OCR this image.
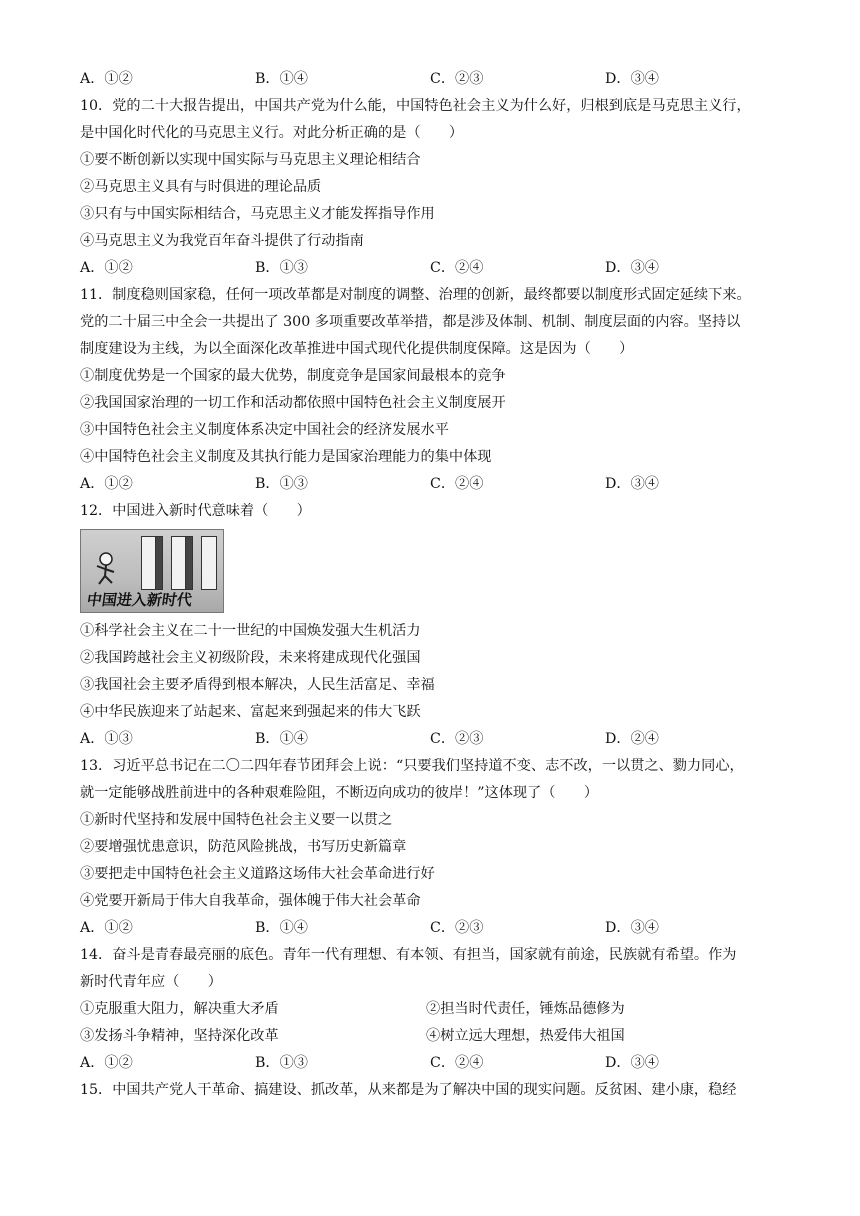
A．①②	B．①④	C．②③	D．③④
10．党的二十大报告提出，中国共产党为什么能，中国特色社会主义为什么好，归根到底是马克思主义行，
是中国化时代化的马克思主义行。对此分析正确的是（　　）
①要不断创新以实现中国实际与马克思主义理论相结合
②马克思主义具有与时俱进的理论品质
③只有与中国实际相结合，马克思主义才能发挥指导作用
④马克思主义为我党百年奋斗提供了行动指南
A．①②	B．①③	C．②④	D．③④
11．制度稳则国家稳，任何一项改革都是对制度的调整、治理的创新，最终都要以制度形式固定延续下来。
党的二十届三中全会一共提出了 300 多项重要改革举措，都是涉及体制、机制、制度层面的内容。坚持以
制度建设为主线，为以全面深化改革推进中国式现代化提供制度保障。这是因为（　　）
①制度优势是一个国家的最大优势，制度竞争是国家间最根本的竞争
②我国国家治理的一切工作和活动都依照中国特色社会主义制度展开
③中国特色社会主义制度体系决定中国社会的经济发展水平
④中国特色社会主义制度及其执行能力是国家治理能力的集中体现
A．①②	B．①③	C．②④	D．③④
12．中国进入新时代意味着（　　）
中国进入新时代
①科学社会主义在二十一世纪的中国焕发强大生机活力
②我国跨越社会主义初级阶段，未来将建成现代化强国
③我国社会主要矛盾得到根本解决，人民生活富足、幸福
④中华民族迎来了站起来、富起来到强起来的伟大飞跃
A．①③	B．①④	C．②③	D．②④
13．习近平总书记在二〇二四年春节团拜会上说：“只要我们坚持道不变、志不改，一以贯之、勠力同心，
就一定能够战胜前进中的各种艰难险阻，不断迈向成功的彼岸！”这体现了（　　）
①新时代坚持和发展中国特色社会主义要一以贯之
②要增强忧患意识，防范风险挑战，书写历史新篇章
③要把走中国特色社会主义道路这场伟大社会革命进行好
④党要开新局于伟大自我革命，强体魄于伟大社会革命
A．①②	B．①④	C．②③	D．③④
14．奋斗是青春最亮丽的底色。青年一代有理想、有本领、有担当，国家就有前途，民族就有希望。作为
新时代青年应（　　）
①克服重大阻力，解决重大矛盾	②担当时代责任，锤炼品德修为
③发扬斗争精神，坚持深化改革	④树立远大理想，热爱伟大祖国
A．①②	B．①③	C．②④	D．③④
15．中国共产党人干革命、搞建设、抓改革，从来都是为了解决中国的现实问题。反贫困、建小康，稳经
